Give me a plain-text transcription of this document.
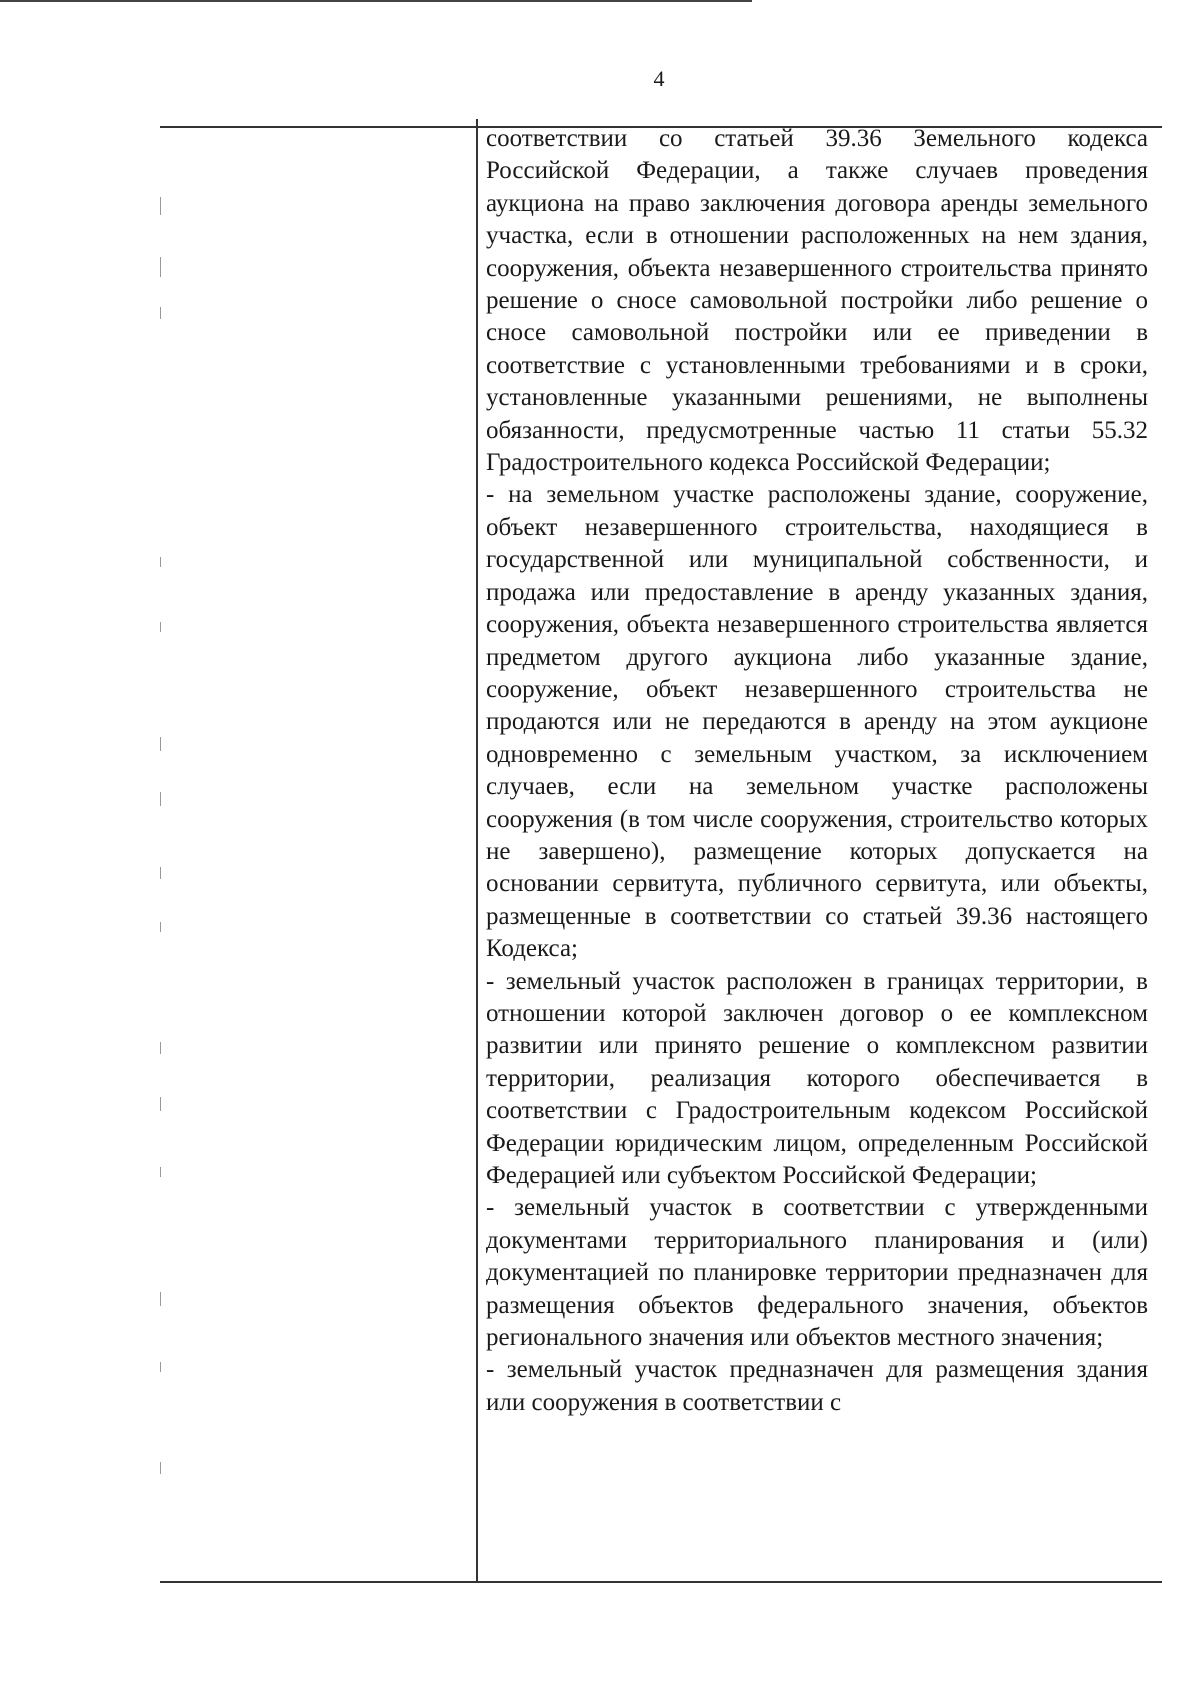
4

соответствии со статьей 39.36 Земельного кодекса Российской Федерации, а также случаев проведения аукциона на право заключения договора аренды земельного участка, если в отношении расположенных на нем здания, сооружения, объекта незавершенного строительства принято решение о сносе самовольной постройки либо решение о сносе самовольной постройки или ее приведении в соответствие с установленными требованиями и в сроки, установленные указанными решениями, не выполнены обязанности, предусмотренные частью 11 статьи 55.32 Градостроительного кодекса Российской Федерации;

- на земельном участке расположены здание, сооружение, объект незавершенного строительства, находящиеся в государственной или муниципальной собственности, и продажа или предоставление в аренду указанных здания, сооружения, объекта незавершенного строительства является предметом другого аукциона либо указанные здание, сооружение, объект незавершенного строительства не продаются или не передаются в аренду на этом аукционе одновременно с земельным участком, за исключением случаев, если на земельном участке расположены сооружения (в том числе сооружения, строительство которых не завершено), размещение которых допускается на основании сервитута, публичного сервитута, или объекты, размещенные в соответствии со статьей 39.36 настоящего Кодекса;

- земельный участок расположен в границах территории, в отношении которой заключен договор о ее комплексном развитии или принято решение о комплексном развитии территории, реализация которого обеспечивается в соответствии с Градостроительным кодексом Российской Федерации юридическим лицом, определенным Российской Федерацией или субъектом Российской Федерации;

- земельный участок в соответствии с утвержденными документами территориального планирования и (или) документацией по планировке территории предназначен для размещения объектов федерального значения, объектов регионального значения или объектов местного значения;

- земельный участок предназначен для размещения здания или сооружения в соответствии с
